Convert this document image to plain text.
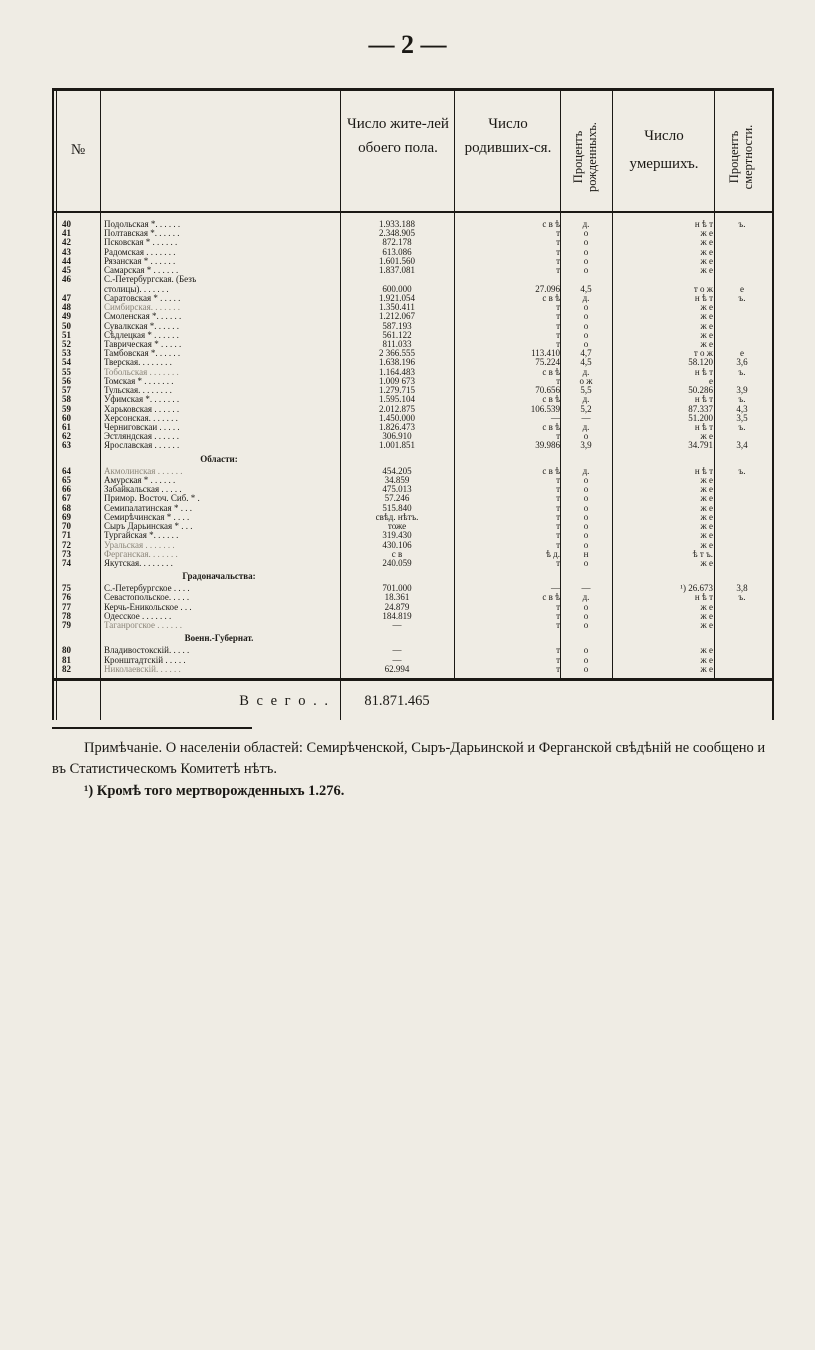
— 2 —
№
Число жите-лей обоего пола.
Число родивших-ся.	Процентъ рожденныхъ.	Число умершихъ.	Процентъ смертности.
40	Подольская *. . . . . .	1.933.188	с в ѣ	д.	н ѣ т	ъ.
41	Полтавская *. . . . . .	2.348.905	т	о	ж е
42	Псковская * . . . . . .	872.178	т	о	ж е
43	Радомская . . . . . . .	613.086	т	о	ж е
44	Рязанская * . . . . . .	1.601.560	т	о	ж е
45	Самарская * . . . . . .	1.837.081	т	о	ж е
46	С.-Петербургская. (Безъ
столицы). . . . . . .	600.000	27.096	4,5	т о ж	е
47	Саратовская * . . . . .	1.921.054	с в ѣ	д.	н ѣ т	ъ.
48	Симбирская. . . . . . .	1.350.411	т	о	ж е
49	Смоленская *. . . . . .	1.212.067	т	о	ж е
50	Сувалкская *. . . . . .	587.193	т	о	ж е
51	Сѣдлецкая * . . . . . .	561.122	т	о	ж е
52	Таврическая * . . . . .	811.033	т	о	ж е
53	Тамбовская *. . . . . .	2 366.555	113.410	4,7	т о ж	е
54	Тверская. . . . . . . .	1.638.196	75.224	4,5	58.120	3,6
55	Тобольская . . . . . . .	1.164.483	с в ѣ	д.	н ѣ т	ъ.
56	Томская * . . . . . . .	1.009 673	т	о ж	е
57	Тульская. . . . . . . .	1.279.715	70.656	5,5	50.286	3,9
58	Уфимская *. . . . . . .	1.595.104	с в ѣ	д.	н ѣ т	ъ.
59	Харьковская . . . . . .	2.012.875	106.539	5,2	87.337	4,3
60	Херсонская. . . . . . .	1.450.000	—	—	51.200	3,5
61	Черниговскаи . . . . .	1.826.473	с в ѣ	д.	н ѣ т	ъ.
62	Эстляндская . . . . . .	306.910	т	о	ж е
63	Ярославская . . . . . .	1.001.851	39.986	3,9	34.791	3,4
Области:
64	Акмолинская . . . . . .	454.205	с в ѣ	д.	н ѣ т	ъ.
65	Амурская * . . . . . .	34.859	т	о	ж е
66	Забайкальская . . . . .	475.013	т	о	ж е
67	Примор. Восточ. Сиб. * .	57.246	т	о	ж е
68	Семипалатинская * . . .	515.840	т	о	ж е
69	Семирѣчинская * . . . .	свѣд. нѣтъ.	т	о	ж е
70	Сыръ Дарьинская * . . .	тоже	т	о	ж е
71	Тургайская *. . . . . .	319.430	т	о	ж е
72	Уральская . . . . . . .	430.106	т	о	ж е
73	Ферганская. . . . . . .	с в	ѣ д.	н	ѣ т ъ.
74	Якутская. . . . . . . .	240.059	т	о	ж е
Градоначальства:
75	С.-Петербургское . . . .	701.000	—	—	¹) 26.673	3,8
76	Севастопольское. . . . .	18.361	с в ѣ	д.	н ѣ т	ъ.
77	Керчь-Еникольское . . .	24.879	т	о	ж е
78	Одесское . . . . . . .	184.819	т	о	ж е
79	Таганрогское . . . . . .	—	т	о	ж е
Военн.-Губернат.
80	Владивостокскій. . . . .	—	т	о	ж е
81	Кронштадтскій . . . . .	—	т	о	ж е
82	Николаевскій. . . . . .	62.994	т	о	ж е
В с е г о . .	81.871.465
Примѣчаніе. О населеніи областей: Семирѣченской, Сыръ-Дарьинской и Ферганской свѣдѣній не сообщено и въ Статистическомъ Комитетѣ нѣтъ.
¹) Кромѣ того мертворожденныхъ 1.276.
